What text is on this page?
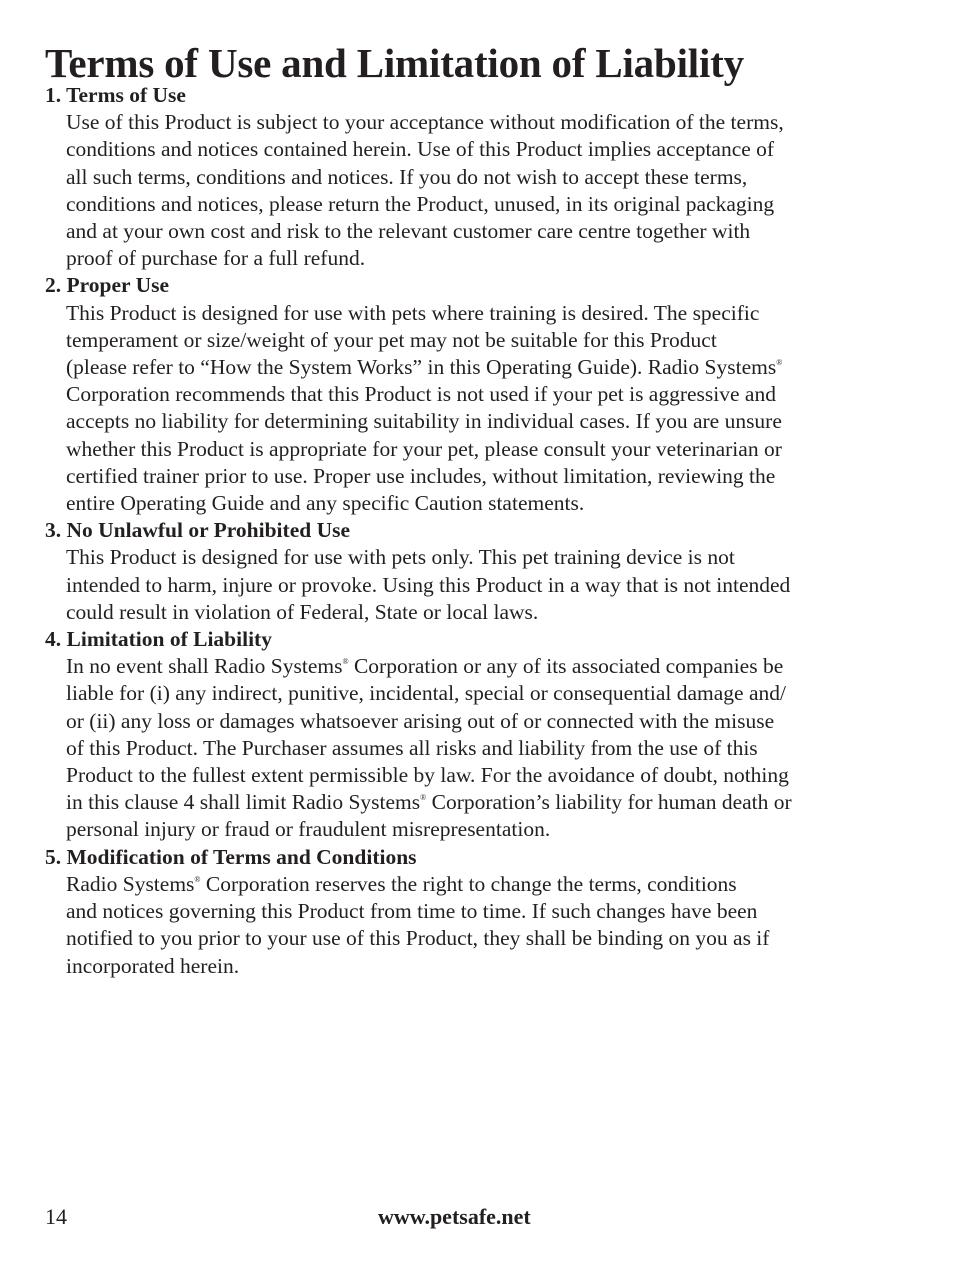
Terms of Use and Limitation of Liability
1. Terms of Use

Use of this Product is subject to your acceptance without modification of the terms,
conditions and notices contained herein. Use of this Product implies acceptance of
all such terms, conditions and notices. If you do not wish to accept these terms,
conditions and notices, please return the Product, unused, in its original packaging
and at your own cost and risk to the relevant customer care centre together with
proof of purchase for a full refund.

2. Proper Use

This Product is designed for use with pets where training is desired. The specific
temperament or size/weight of your pet may not be suitable for this Product
(please refer to “How the System Works” in this Operating Guide). Radio Systems®
Corporation recommends that this Product is not used if your pet is aggressive and
accepts no liability for determining suitability in individual cases. If you are unsure
whether this Product is appropriate for your pet, please consult your veterinarian or
certified trainer prior to use. Proper use includes, without limitation, reviewing the
entire Operating Guide and any specific Caution statements.

3. No Unlawful or Prohibited Use

This Product is designed for use with pets only. This pet training device is not
intended to harm, injure or provoke. Using this Product in a way that is not intended
could result in violation of Federal, State or local laws.

4. Limitation of Liability

In no event shall Radio Systems® Corporation or any of its associated companies be
liable for (i) any indirect, punitive, incidental, special or consequential damage and/
or (ii) any loss or damages whatsoever arising out of or connected with the misuse
of this Product. The Purchaser assumes all risks and liability from the use of this
Product to the fullest extent permissible by law. For the avoidance of doubt, nothing
in this clause 4 shall limit Radio Systems® Corporation’s liability for human death or
personal injury or fraud or fraudulent misrepresentation.

5. Modification of Terms and Conditions

Radio Systems® Corporation reserves the right to change the terms, conditions
and notices governing this Product from time to time. If such changes have been
notified to you prior to your use of this Product, they shall be binding on you as if
incorporated herein.

14	www.petsafe.net
